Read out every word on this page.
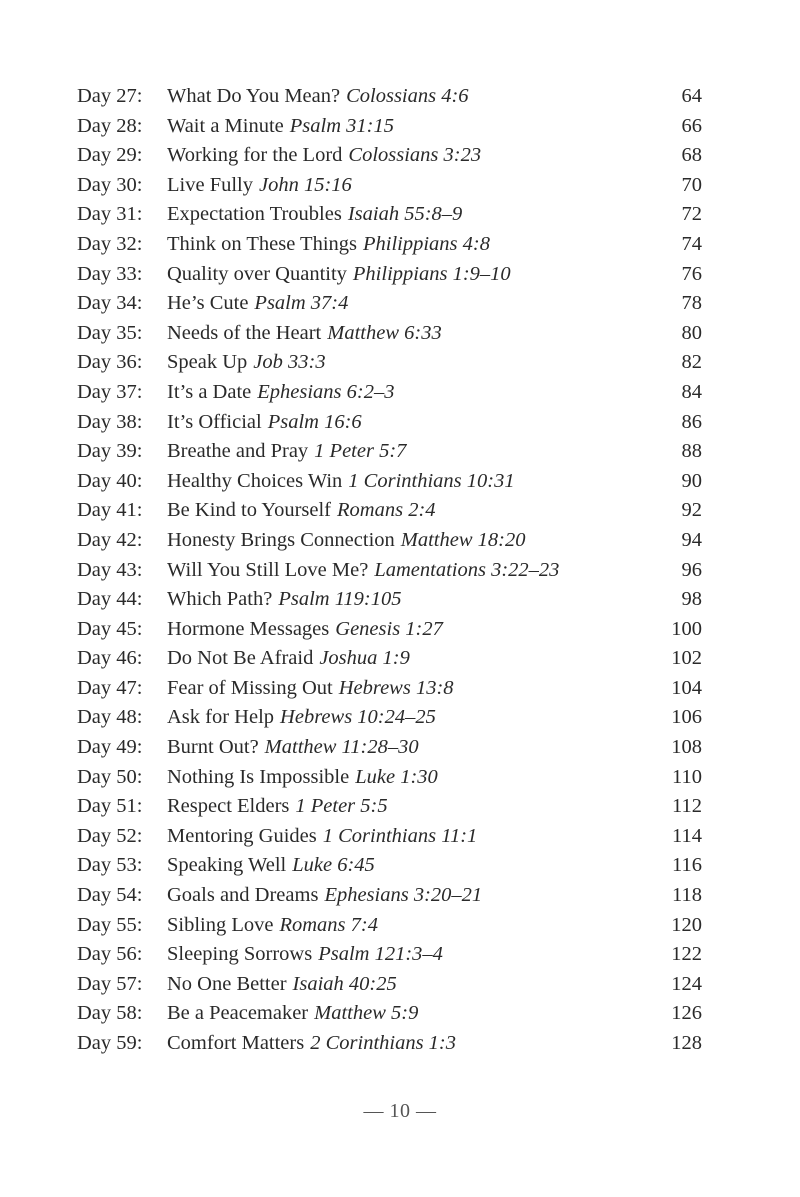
Day 27: What Do You Mean? Colossians 4:6	64
Day 28: Wait a Minute Psalm 31:15	66
Day 29: Working for the Lord Colossians 3:23	68
Day 30: Live Fully John 15:16	70
Day 31: Expectation Troubles Isaiah 55:8–9	72
Day 32: Think on These Things Philippians 4:8	74
Day 33: Quality over Quantity Philippians 1:9–10	76
Day 34: He’s Cute Psalm 37:4	78
Day 35: Needs of the Heart Matthew 6:33	80
Day 36: Speak Up Job 33:3	82
Day 37: It’s a Date Ephesians 6:2–3	84
Day 38: It’s Official Psalm 16:6	86
Day 39: Breathe and Pray 1 Peter 5:7	88
Day 40: Healthy Choices Win 1 Corinthians 10:31	90
Day 41: Be Kind to Yourself Romans 2:4	92
Day 42: Honesty Brings Connection Matthew 18:20	94
Day 43: Will You Still Love Me? Lamentations 3:22–23	96
Day 44: Which Path? Psalm 119:105	98
Day 45: Hormone Messages Genesis 1:27	100
Day 46: Do Not Be Afraid Joshua 1:9	102
Day 47: Fear of Missing Out Hebrews 13:8	104
Day 48: Ask for Help Hebrews 10:24–25	106
Day 49: Burnt Out? Matthew 11:28–30	108
Day 50: Nothing Is Impossible Luke 1:30	110
Day 51: Respect Elders 1 Peter 5:5	112
Day 52: Mentoring Guides 1 Corinthians 11:1	114
Day 53: Speaking Well Luke 6:45	116
Day 54: Goals and Dreams Ephesians 3:20–21	118
Day 55: Sibling Love Romans 7:4	120
Day 56: Sleeping Sorrows Psalm 121:3–4	122
Day 57: No One Better Isaiah 40:25	124
Day 58: Be a Peacemaker Matthew 5:9	126
Day 59: Comfort Matters 2 Corinthians 1:3	128
— 10 —
